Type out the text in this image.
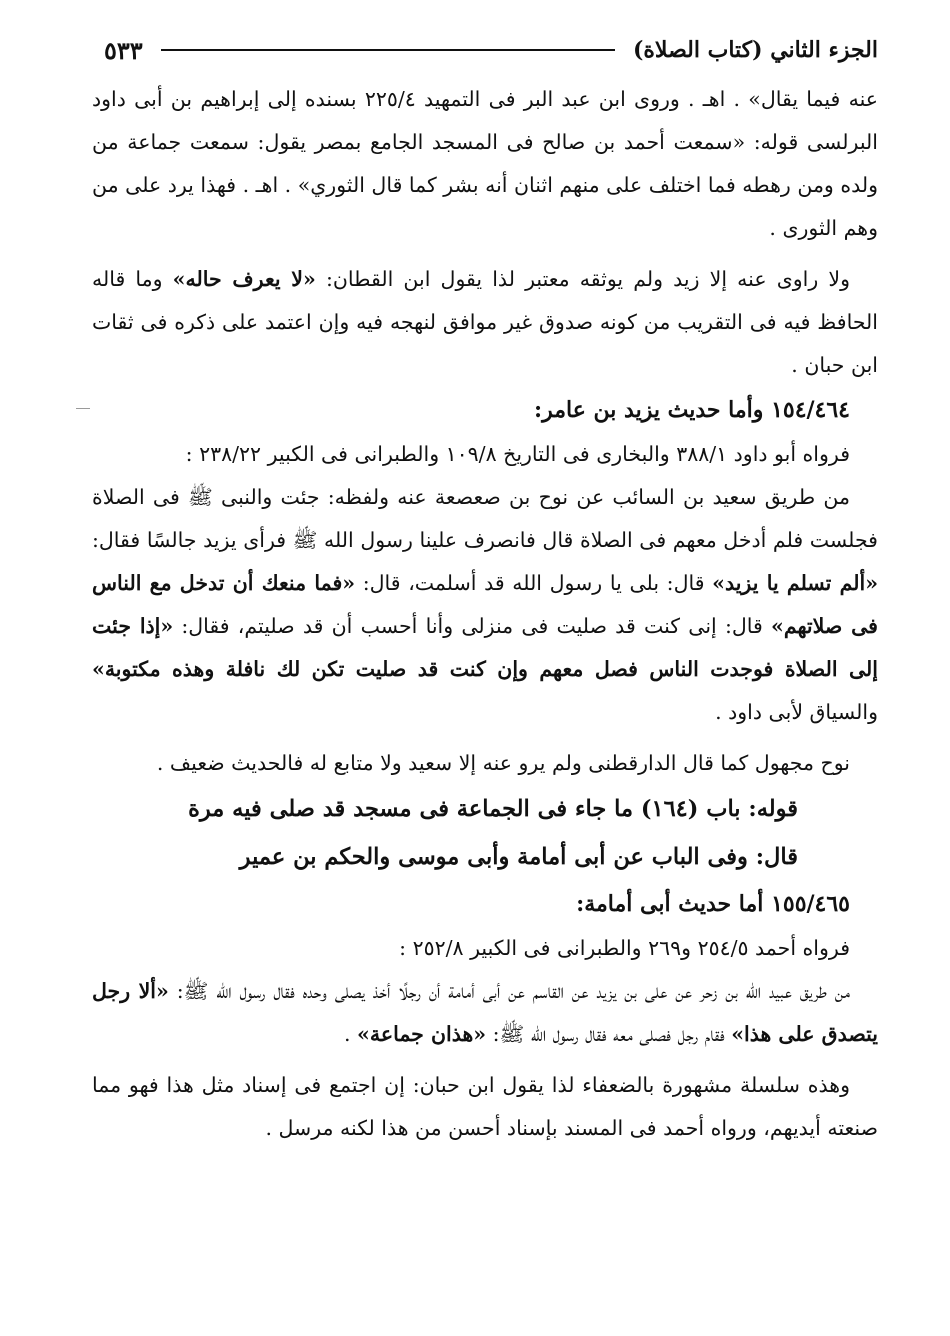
الجزء الثاني (كتاب الصلاة)
٥٣٣

عنه فيما يقال» . اهـ . وروى ابن عبد البر فى التمهيد ٢٢٥/٤ بسنده إلى إبراهيم بن أبى داود البرلسى قوله: «سمعت أحمد بن صالح فى المسجد الجامع بمصر يقول: سمعت جماعة من ولده ومن رهطه فما اختلف على منهم اثنان أنه بشر كما قال الثوري» . اهـ . فهذا يرد على من وهم الثورى .

ولا راوى عنه إلا زيد ولم يوثقه معتبر لذا يقول ابن القطان: «لا يعرف حاله» وما قاله الحافظ فيه فى التقريب من كونه صدوق غير موافق لنهجه فيه وإن اعتمد على ذكره فى ثقات ابن حبان .

١٥٤/٤٦٤ وأما حديث يزيد بن عامر:

فرواه أبو داود ٣٨٨/١ والبخارى فى التاريخ ١٠٩/٨ والطبرانى فى الكبير ٢٣٨/٢٢ :

من طريق سعيد بن السائب عن نوح بن صعصعة عنه ولفظه: جئت والنبى ﷺ فى الصلاة فجلست فلم أدخل معهم فى الصلاة قال فانصرف علينا رسول الله ﷺ فرأى يزيد جالسًا فقال: «ألم تسلم يا يزيد» قال: بلى يا رسول الله قد أسلمت، قال: «فما منعك أن تدخل مع الناس فى صلاتهم» قال: إنى كنت قد صليت فى منزلى وأنا أحسب أن قد صليتم، فقال: «إذا جئت إلى الصلاة فوجدت الناس فصل معهم وإن كنت قد صليت تكن لك نافلة وهذه مكتوبة» والسياق لأبى داود .

نوح مجهول كما قال الدارقطنى ولم يرو عنه إلا سعيد ولا متابع له فالحديث ضعيف .

قوله: باب (١٦٤) ما جاء فى الجماعة فى مسجد قد صلى فيه مرة

قال: وفى الباب عن أبى أمامة وأبى موسى والحكم بن عمير

١٥٥/٤٦٥ أما حديث أبى أمامة:

فرواه أحمد ٢٥٤/٥ و٢٦٩ والطبرانى فى الكبير ٢٥٢/٨ :

من طريق عبيد الله بن زحر عن على بن يزيد عن القاسم عن أبى أمامة أن رجلًا أخذ يصلى وحده فقال رسول الله ﷺ: «ألا رجل يتصدق على هذا» فقام رجل فصلى معه فقال رسول الله ﷺ: «هذان جماعة» .

وهذه سلسلة مشهورة بالضعفاء لذا يقول ابن حبان: إن اجتمع فى إسناد مثل هذا فهو مما صنعته أيديهم، ورواه أحمد فى المسند بإسناد أحسن من هذا لكنه مرسل .
